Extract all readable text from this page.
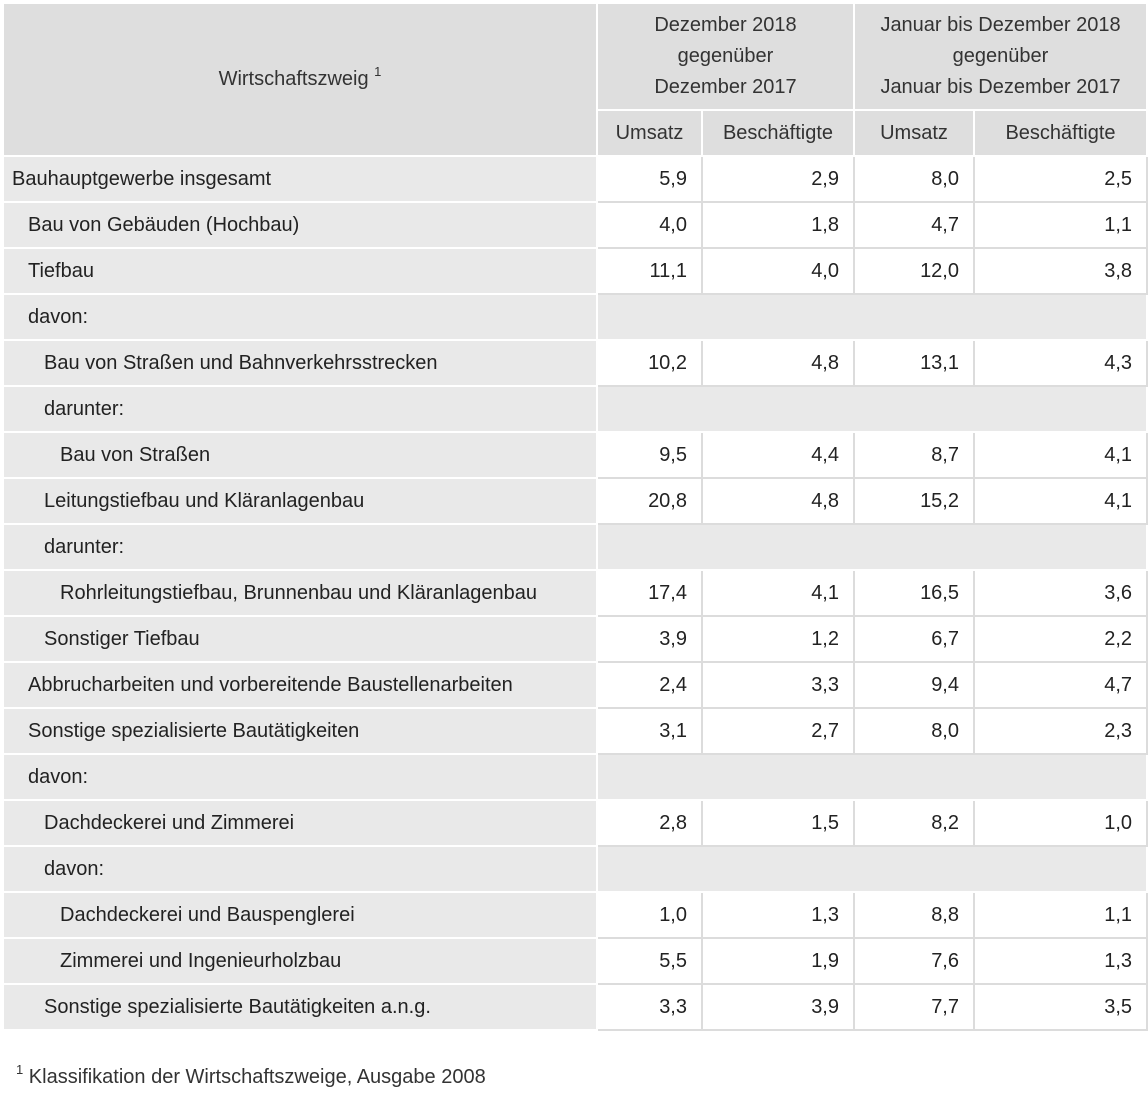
Wirtschaftszweig $^1$	Dezember 2018
gegenüber
Dezember 2017		Januar bis Dezember 2018
gegenüber
Januar bis Dezember 2017	
	Umsatz	Beschäftigte	Umsatz	Beschäftigte
Bauhauptgewerbe insgesamt	5,9	2,9	8,0	2,5
Bau von Gebäuden (Hochbau)	4,0	1,8	4,7	1,1
Tiefbau	11,1	4,0	12,0	3,8
davon:				
Bau von Straßen und Bahnverkehrsstrecken	10,2	4,8	13,1	4,3
darunter:				
Bau von Straßen	9,5	4,4	8,7	4,1
Leitungstiefbau und Kläranlagenbau	20,8	4,8	15,2	4,1
darunter:				
Rohrleitungstiefbau, Brunnenbau und Kläranlagenbau	17,4	4,1	16,5	3,6
Sonstiger Tiefbau	3,9	1,2	6,7	2,2
Abbrucharbeiten und vorbereitende Baustellenarbeiten	2,4	3,3	9,4	4,7
Sonstige spezialisierte Bautätigkeiten	3,1	2,7	8,0	2,3
davon:				
Dachdeckerei und Zimmerei	2,8	1,5	8,2	1,0
davon:				
Dachdeckerei und Bauspenglerei	1,0	1,3	8,8	1,1
Zimmerei und Ingenieurholzbau	5,5	1,9	7,6	1,3
Sonstige spezialisierte Bautätigkeiten a.n.g.	3,3	3,9	7,7	3,5
$^1$ Klassifikation der Wirtschaftszweige, Ausgabe 2008
